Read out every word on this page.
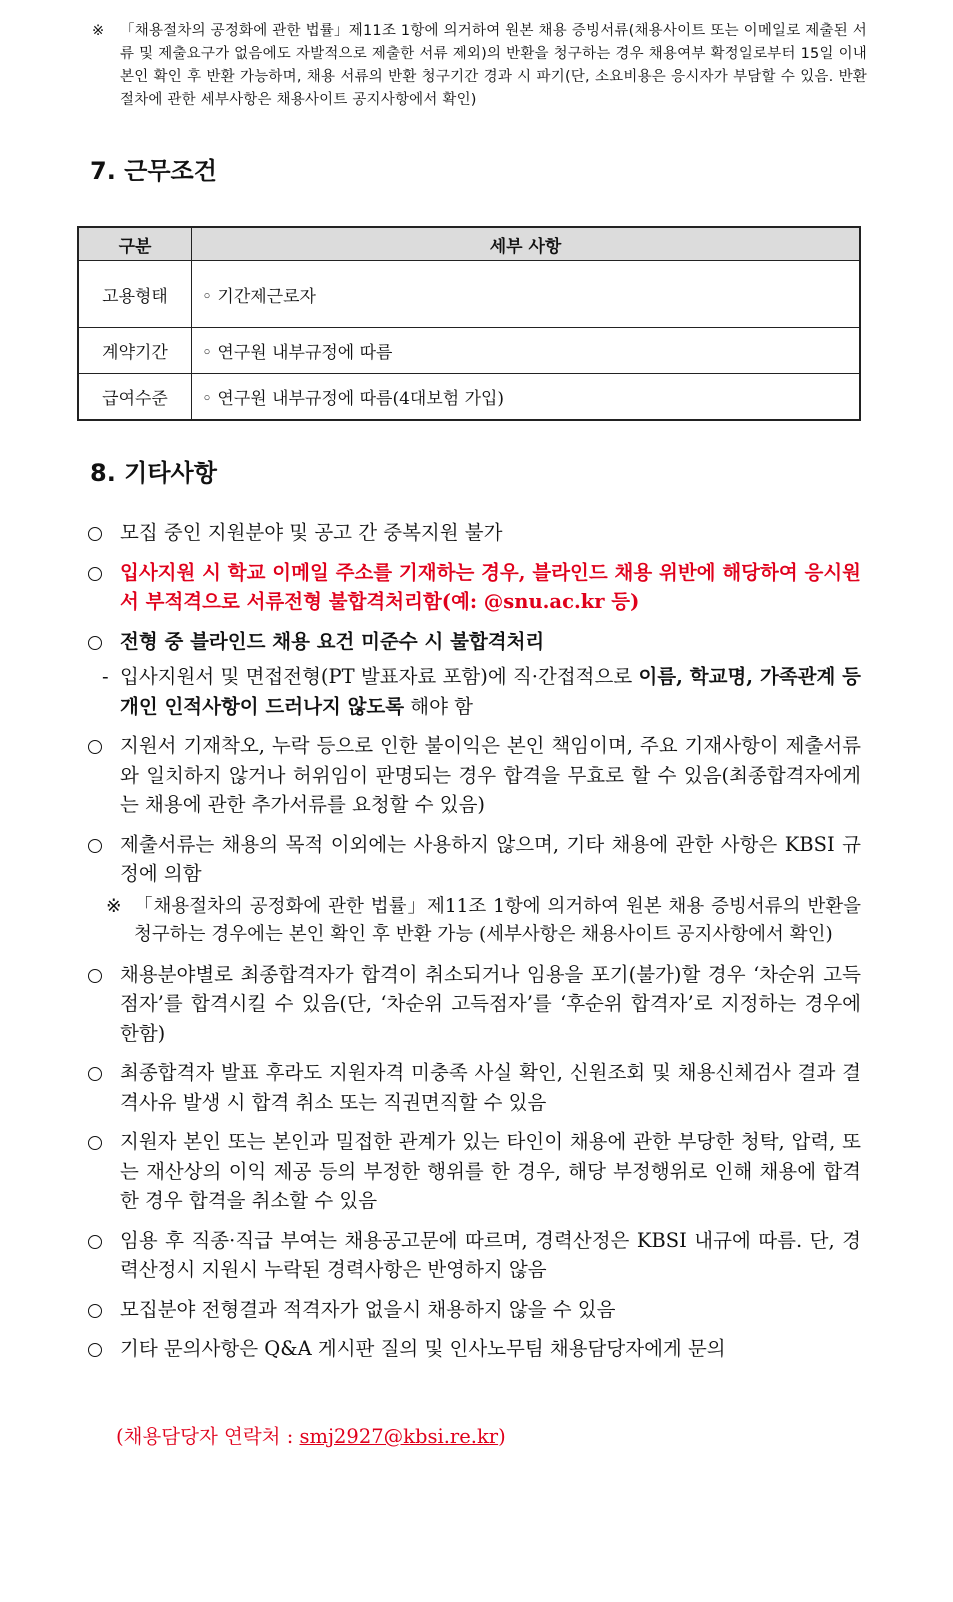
※ 「채용절차의 공정화에 관한 법률」제11조 1항에 의거하여 원본 채용 증빙서류(채용사이트 또는 이메일로 제출된 서류 및 제출요구가 없음에도 자발적으로 제출한 서류 제외)의 반환을 청구하는 경우 채용여부 확정일로부터 15일 이내 본인 확인 후 반환 가능하며, 채용 서류의 반환 청구기간 경과 시 파기(단, 소요비용은 응시자가 부담할 수 있음. 반환절차에 관한 세부사항은 채용사이트 공지사항에서 확인)
7. 근무조건
구분	세부 사항
고용형태	◦ 기간제근로자
계약기간	◦ 연구원 내부규정에 따름
급여수준	◦ 연구원 내부규정에 따름(4대보험 가입)
8. 기타사항
모집 중인 지원분야 및 공고 간 중복지원 불가
입사지원 시 학교 이메일 주소를 기재하는 경우, 블라인드 채용 위반에 해당하여 응시원서 부적격으로 서류전형 불합격처리함(예: @snu.ac.kr 등)
전형 중 블라인드 채용 요건 미준수 시 불합격처리
- 입사지원서 및 면접전형(PT 발표자료 포함)에 직·간접적으로 이름, 학교명, 가족관계 등 개인 인적사항이 드러나지 않도록 해야 함
지원서 기재착오, 누락 등으로 인한 불이익은 본인 책임이며, 주요 기재사항이 제출서류와 일치하지 않거나 허위임이 판명되는 경우 합격을 무효로 할 수 있음(최종합격자에게는 채용에 관한 추가서류를 요청할 수 있음)
제출서류는 채용의 목적 이외에는 사용하지 않으며, 기타 채용에 관한 사항은 KBSI 규정에 의함
※ 「채용절차의 공정화에 관한 법률」제11조 1항에 의거하여 원본 채용 증빙서류의 반환을 청구하는 경우에는 본인 확인 후 반환 가능 (세부사항은 채용사이트 공지사항에서 확인)
채용분야별로 최종합격자가 합격이 취소되거나 임용을 포기(불가)할 경우 ‘차순위 고득점자’를 합격시킬 수 있음(단, ‘차순위 고득점자’를 ‘후순위 합격자’로 지정하는 경우에 한함)
최종합격자 발표 후라도 지원자격 미충족 사실 확인, 신원조회 및 채용신체검사 결과 결격사유 발생 시 합격 취소 또는 직권면직할 수 있음
지원자 본인 또는 본인과 밀접한 관계가 있는 타인이 채용에 관한 부당한 청탁, 압력, 또는 재산상의 이익 제공 등의 부정한 행위를 한 경우, 해당 부정행위로 인해 채용에 합격한 경우 합격을 취소할 수 있음
임용 후 직종·직급 부여는 채용공고문에 따르며, 경력산정은 KBSI 내규에 따름. 단, 경력산정시 지원시 누락된 경력사항은 반영하지 않음
모집분야 전형결과 적격자가 없을시 채용하지 않을 수 있음
기타 문의사항은 Q&A 게시판 질의 및 인사노무팀 채용담당자에게 문의
(채용담당자 연락처 : smj2927@kbsi.re.kr)
